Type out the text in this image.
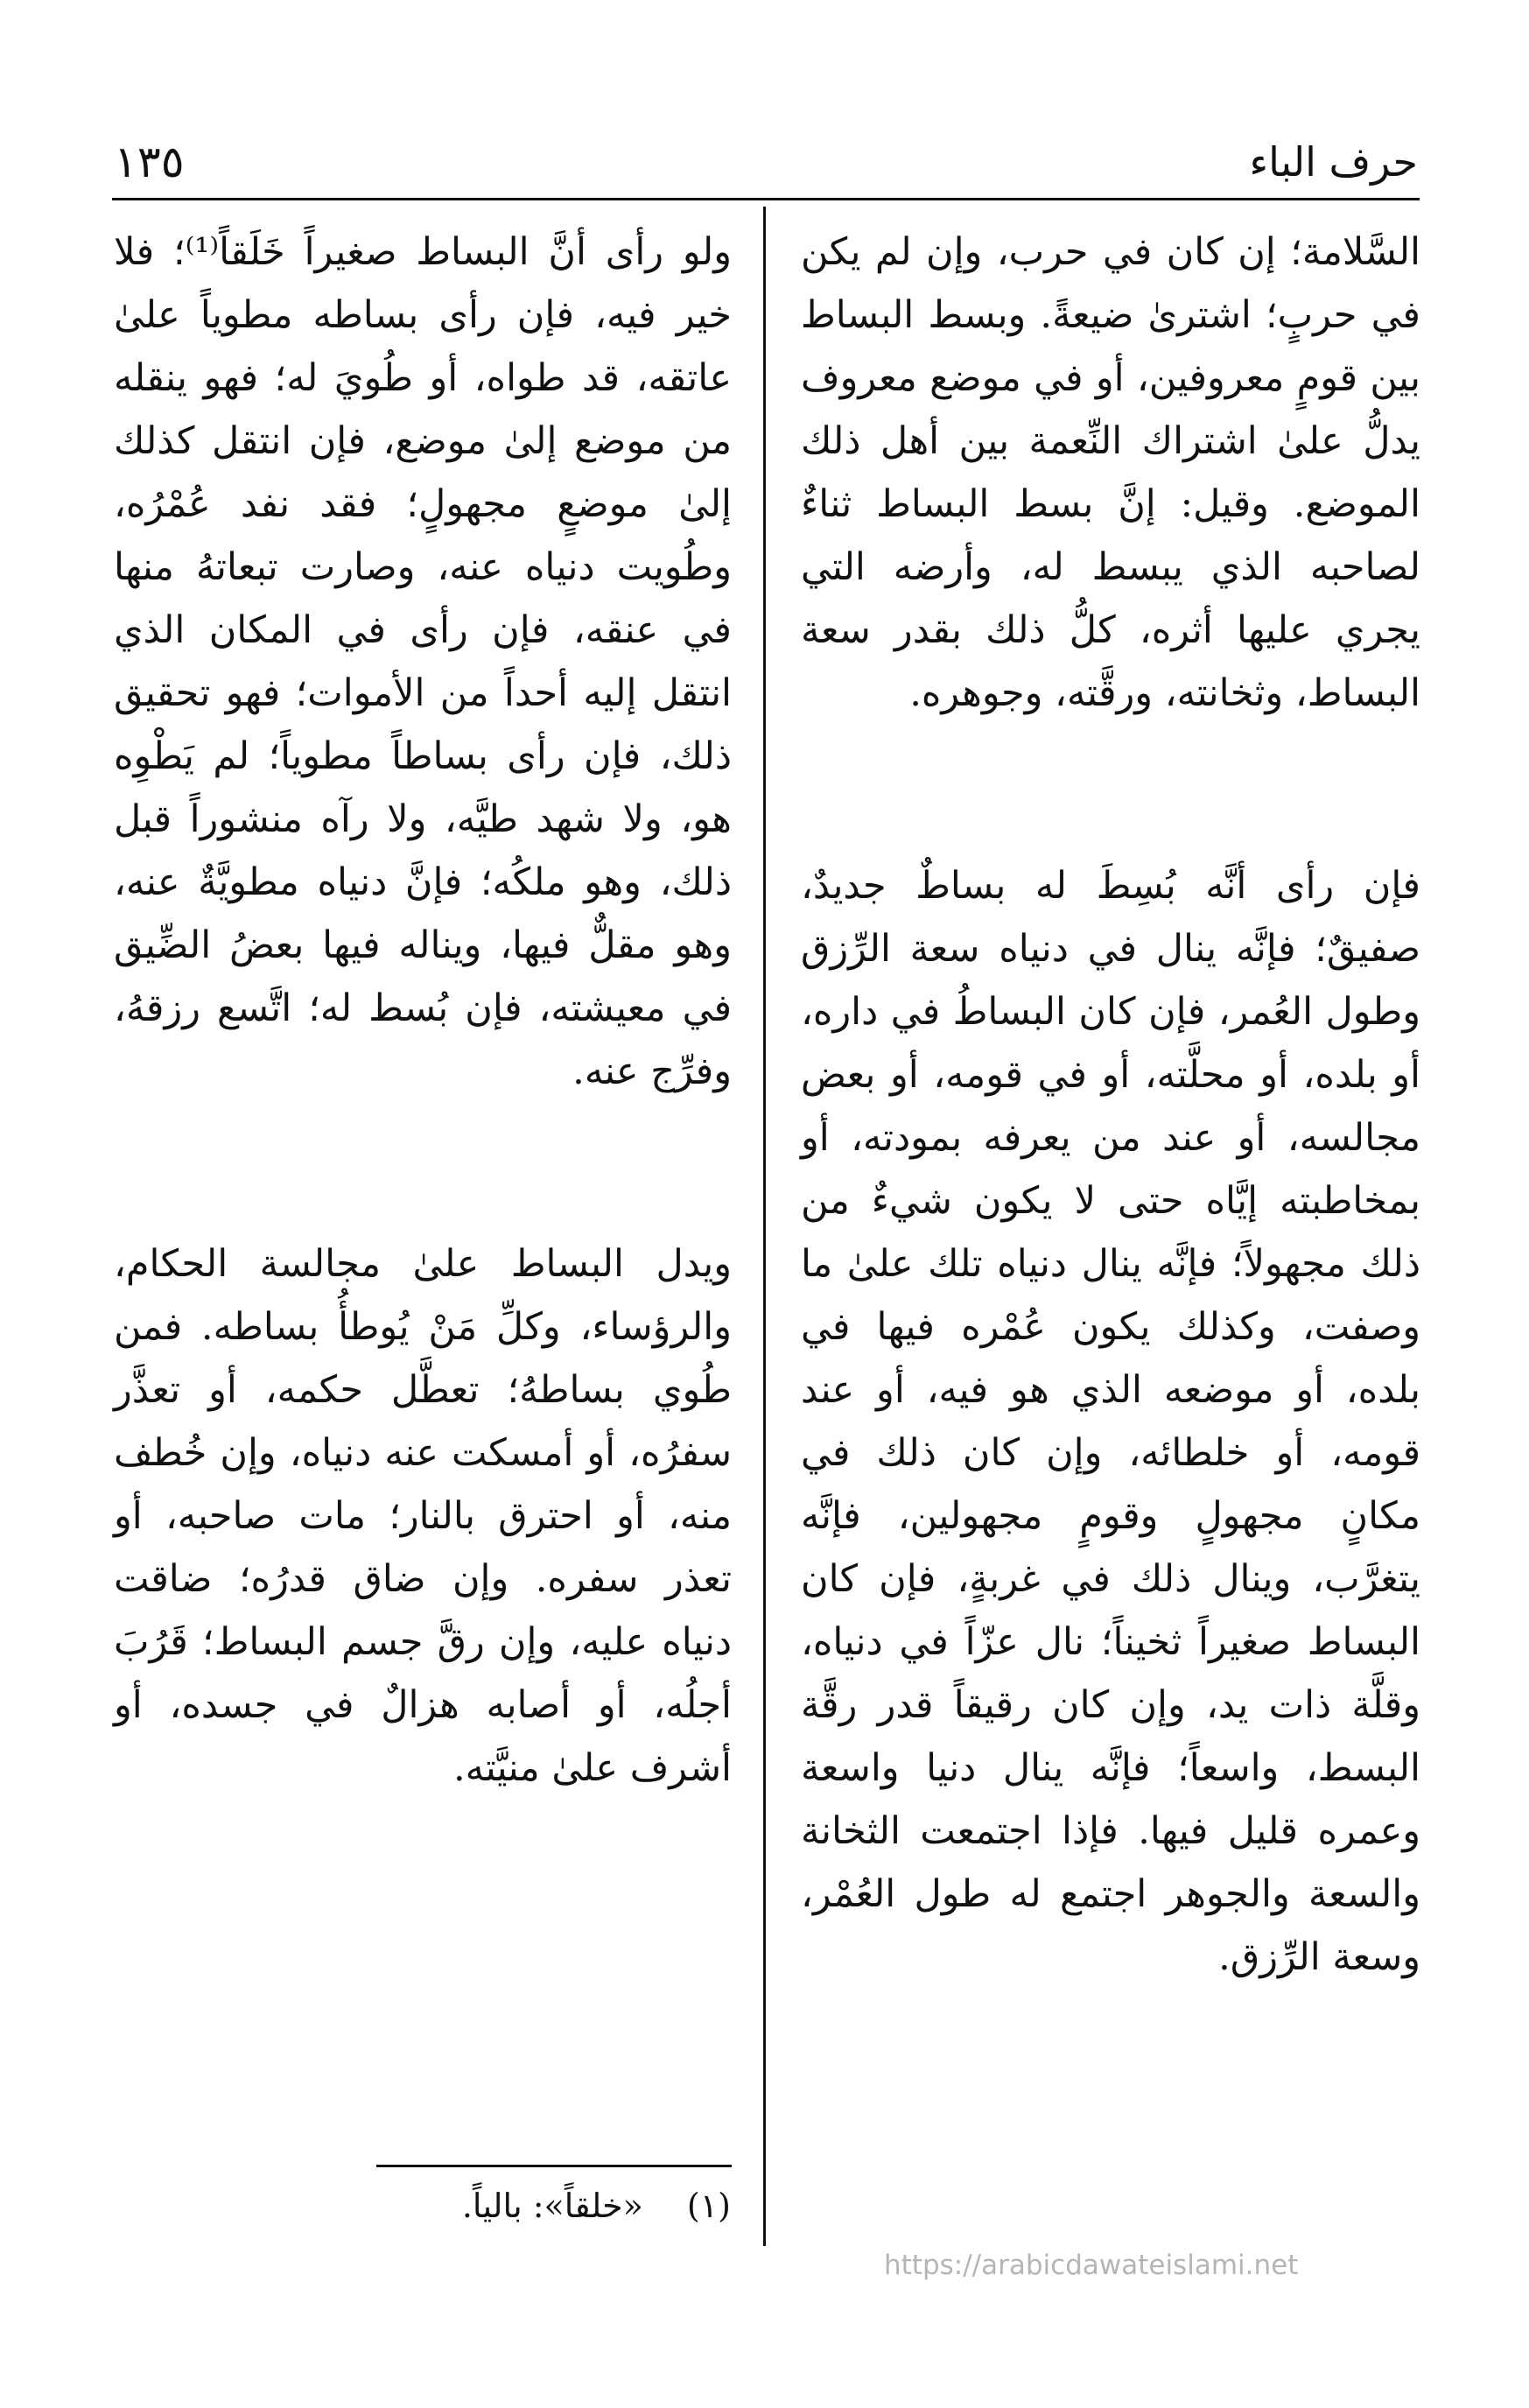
حرف الباء
١٣٥

السَّلامة؛ إن كان في حرب، وإن لم يكن في حربٍ؛ اشترىٰ ضيعةً. وبسط البساط بين قومٍ معروفين، أو في موضع معروف يدلُّ علىٰ اشتراك النِّعمة بين أهل ذلك الموضع. وقيل: إنَّ بسط البساط ثناءٌ لصاحبه الذي يبسط له، وأرضه التي يجري عليها أثره، كلُّ ذلك بقدر سعة البساط، وثخانته، ورقَّته، وجوهره.

فإن رأى أنَّه بُسِطَ له بساطٌ جديدٌ، صفيقٌ؛ فإنَّه ينال في دنياه سعة الرِّزق وطول العُمر، فإن كان البساطُ في داره، أو بلده، أو محلَّته، أو في قومه، أو بعض مجالسه، أو عند من يعرفه بمودته، أو بمخاطبته إيَّاه حتى لا يكون شيءٌ من ذلك مجهولاً؛ فإنَّه ينال دنياه تلك علىٰ ما وصفت، وكذلك يكون عُمْره فيها في بلده، أو موضعه الذي هو فيه، أو عند قومه، أو خلطائه، وإن كان ذلك في مكانٍ مجهولٍ وقومٍ مجهولين، فإنَّه يتغرَّب، وينال ذلك في غربةٍ، فإن كان البساط صغيراً ثخيناً؛ نال عزّاً في دنياه، وقلَّة ذات يد، وإن كان رقيقاً قدر رقَّة البسط، واسعاً؛ فإنَّه ينال دنيا واسعة وعمره قليل فيها. فإذا اجتمعت الثخانة والسعة والجوهر اجتمع له طول العُمْر، وسعة الرِّزق.

ولو رأى أنَّ البساط صغيراً خَلَقاً⁽¹⁾؛ فلا خير فيه، فإن رأى بساطه مطوياً علىٰ عاتقه، قد طواه، أو طُويَ له؛ فهو ينقله من موضع إلىٰ موضع، فإن انتقل كذلك إلىٰ موضعٍ مجهولٍ؛ فقد نفد عُمْرُه، وطُويت دنياه عنه، وصارت تبعاتهُ منها في عنقه، فإن رأى في المكان الذي انتقل إليه أحداً من الأموات؛ فهو تحقيق ذلك، فإن رأى بساطاً مطوياً؛ لم يَطْوِه هو، ولا شهد طيَّه، ولا رآه منشوراً قبل ذلك، وهو ملكُه؛ فإنَّ دنياه مطويَّةٌ عنه، وهو مقلٌّ فيها، ويناله فيها بعضُ الضِّيق في معيشته، فإن بُسط له؛ اتَّسع رزقهُ، وفرِّج عنه.

ويدل البساط علىٰ مجالسة الحكام، والرؤساء، وكلِّ مَنْ يُوطأُ بساطه. فمن طُوي بساطهُ؛ تعطَّل حكمه، أو تعذَّر سفرُه، أو أمسكت عنه دنياه، وإن خُطف منه، أو احترق بالنار؛ مات صاحبه، أو تعذر سفره. وإن ضاق قدرُه؛ ضاقت دنياه عليه، وإن رقَّ جسم البساط؛ قَرُبَ أجلُه، أو أصابه هزالٌ في جسده، أو أشرف علىٰ منيَّته.

(١)«خلقاً»: بالياً.
https://arabicdawateislami.net
